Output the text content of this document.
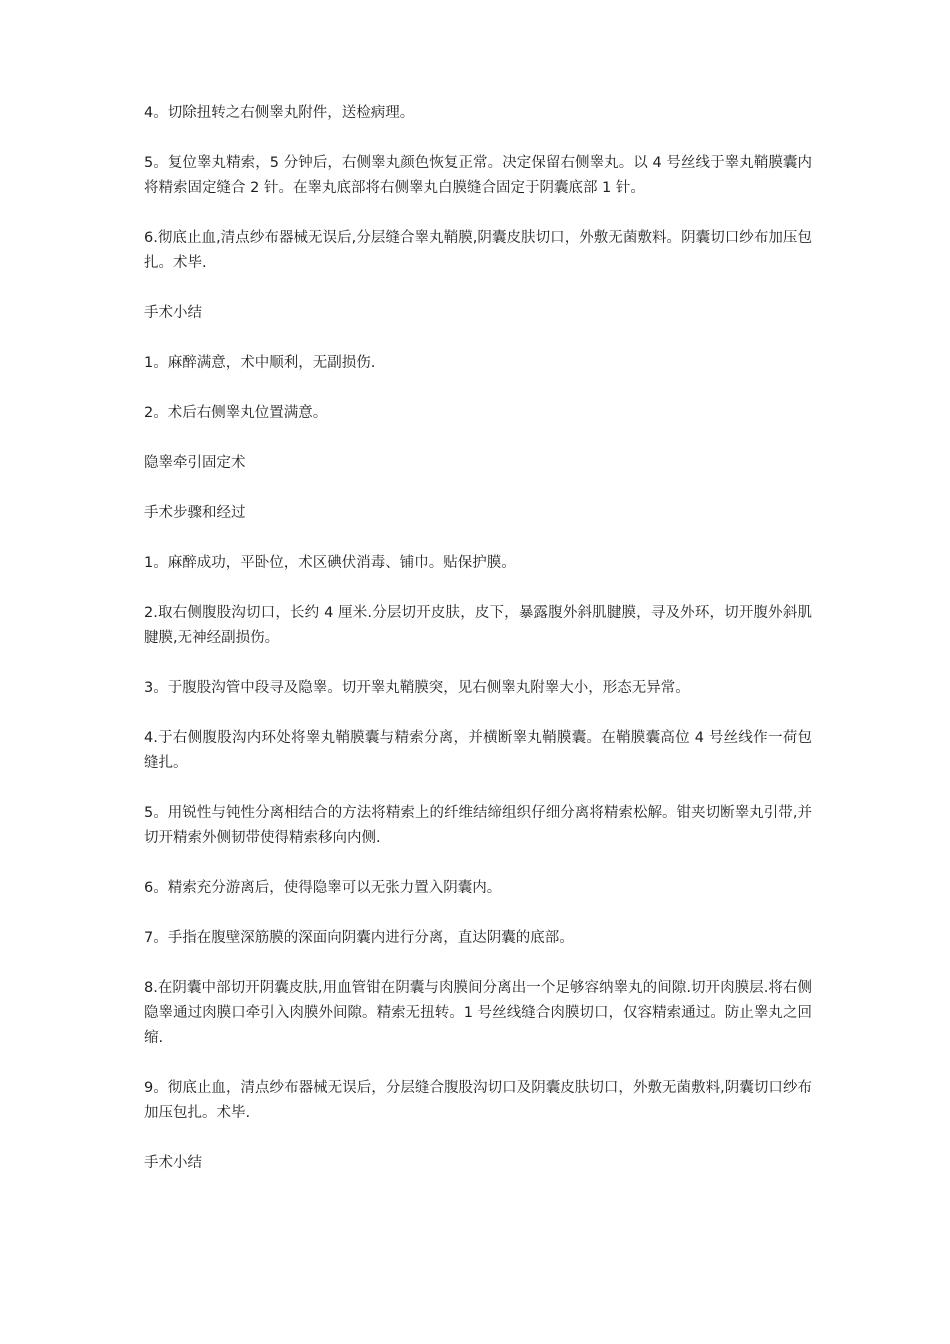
4。切除扭转之右侧睾丸附件，送检病理。

5。复位睾丸精索，5 分钟后，右侧睾丸颜色恢复正常。决定保留右侧睾丸。以 4 号丝线于睾丸鞘膜囊内将精索固定缝合 2 针。在睾丸底部将右侧睾丸白膜缝合固定于阴囊底部 1 针。

6.彻底止血,清点纱布器械无误后,分层缝合睾丸鞘膜,阴囊皮肤切口，外敷无菌敷料。阴囊切口纱布加压包扎。术毕.

手术小结

1。麻醉满意，术中顺利，无副损伤.

2。术后右侧睾丸位置满意。

隐睾牵引固定术

手术步骤和经过

1。麻醉成功，平卧位，术区碘伏消毒、铺巾。贴保护膜。

2.取右侧腹股沟切口，长约 4 厘米.分层切开皮肤，皮下，暴露腹外斜肌腱膜，寻及外环，切开腹外斜肌腱膜,无神经副损伤。

3。于腹股沟管中段寻及隐睾。切开睾丸鞘膜突，见右侧睾丸附睾大小，形态无异常。

4.于右侧腹股沟内环处将睾丸鞘膜囊与精索分离，并横断睾丸鞘膜囊。在鞘膜囊高位 4 号丝线作一荷包缝扎。

5。用锐性与钝性分离相结合的方法将精索上的纤维结缔组织仔细分离将精索松解。钳夹切断睾丸引带,并切开精索外侧韧带使得精索移向内侧.

6。精索充分游离后，使得隐睾可以无张力置入阴囊内。

7。手指在腹壁深筋膜的深面向阴囊内进行分离，直达阴囊的底部。

8.在阴囊中部切开阴囊皮肤,用血管钳在阴囊与肉膜间分离出一个足够容纳睾丸的间隙.切开肉膜层.将右侧隐睾通过肉膜口牵引入肉膜外间隙。精索无扭转。1 号丝线缝合肉膜切口，仅容精索通过。防止睾丸之回缩.

9。彻底止血，清点纱布器械无误后，分层缝合腹股沟切口及阴囊皮肤切口，外敷无菌敷料,阴囊切口纱布加压包扎。术毕.

手术小结
